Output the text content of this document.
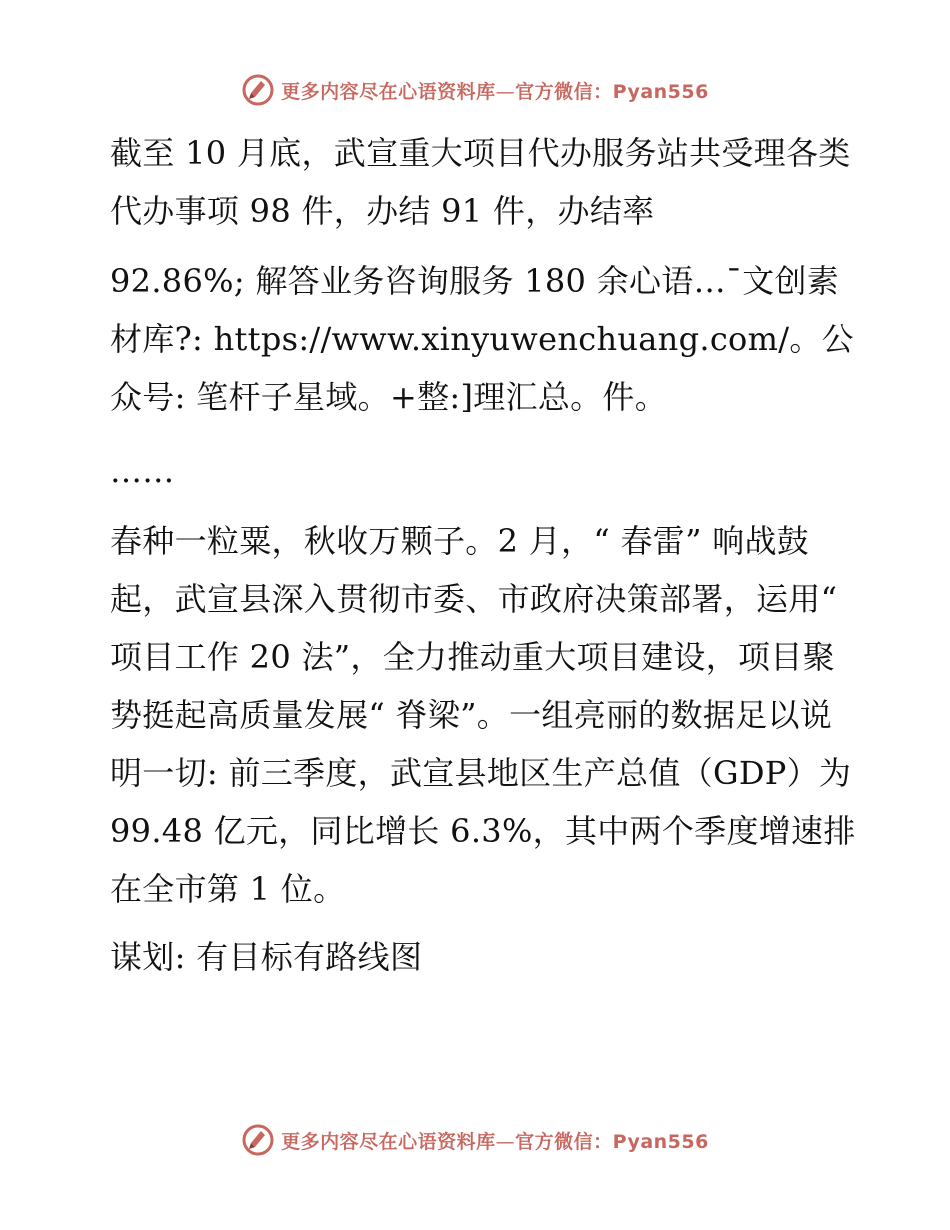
更多内容尽在心语资料库—官方微信：Pyan556

截至 10 月底，武宣重大项目代办服务站共受理各类代办事项 98 件，办结 91 件，办结率

92.86%; 解答业务咨询服务 180 余心语…¯文创素材库?: https://www.xinyuwenchuang.com/。公众号: 笔杆子星域。+整:]理汇总。件。

……

春种一粒粟，秋收万颗子。2 月，“ 春雷” 响战鼓起，武宣县深入贯彻市委、市政府决策部署，运用“ 项目工作 20 法”，全力推动重大项目建设，项目聚势挺起高质量发展“ 脊梁”。一组亮丽的数据足以说明一切: 前三季度，武宣县地区生产总值（GDP）为 99.48 亿元，同比增长 6.3%，其中两个季度增速排在全市第 1 位。

谋划: 有目标有路线图

更多内容尽在心语资料库—官方微信：Pyan556
